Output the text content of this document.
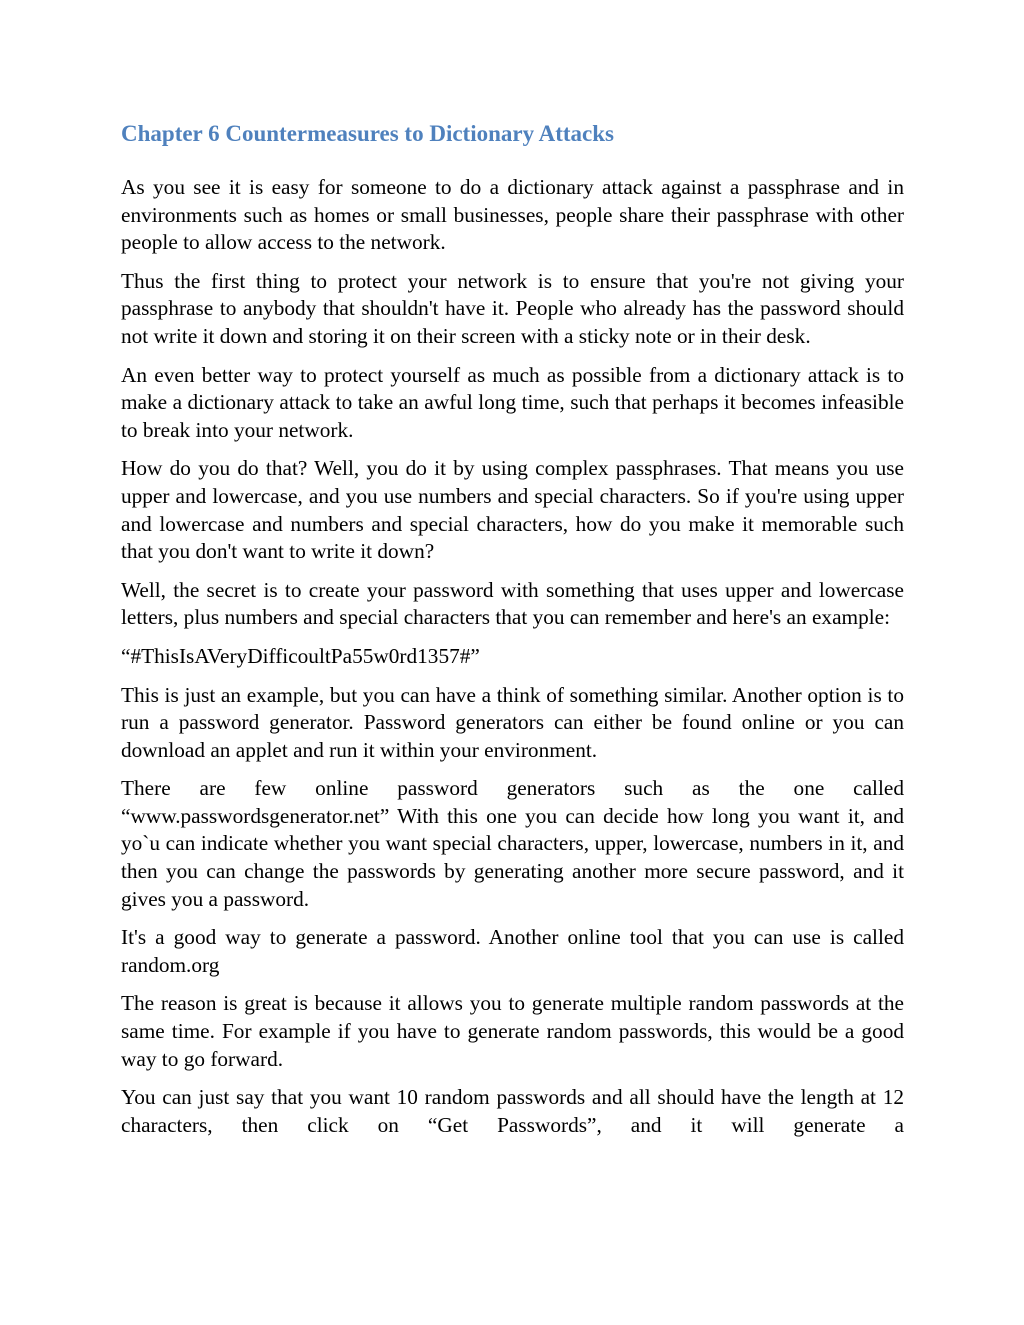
Chapter 6 Countermeasures to Dictionary Attacks

As you see it is easy for someone to do a dictionary attack against a passphrase and in environments such as homes or small businesses, people share their passphrase with other people to allow access to the network.

Thus the first thing to protect your network is to ensure that you're not giving your passphrase to anybody that shouldn't have it. People who already has the password should not write it down and storing it on their screen with a sticky note or in their desk.

An even better way to protect yourself as much as possible from a dictionary attack is to make a dictionary attack to take an awful long time, such that perhaps it becomes infeasible to break into your network.

How do you do that? Well, you do it by using complex passphrases. That means you use upper and lowercase, and you use numbers and special characters. So if you're using upper and lowercase and numbers and special characters, how do you make it memorable such that you don't want to write it down?

Well, the secret is to create your password with something that uses upper and lowercase letters, plus numbers and special characters that you can remember and here's an example:

“#ThisIsAVeryDifficoultPa55w0rd1357#”

This is just an example, but you can have a think of something similar. Another option is to run a password generator. Password generators can either be found online or you can download an applet and run it within your environment.

There are few online password generators such as the one called “www.passwordsgenerator.net” With this one you can decide how long you want it, and yo`u can indicate whether you want special characters, upper, lowercase, numbers in it, and then you can change the passwords by generating another more secure password, and it gives you a password.

It's a good way to generate a password. Another online tool that you can use is called random.org

The reason is great is because it allows you to generate multiple random passwords at the same time. For example if you have to generate random passwords, this would be a good way to go forward.

You can just say that you want 10 random passwords and all should have the length at 12 characters, then click on “Get Passwords”, and it will generate a
